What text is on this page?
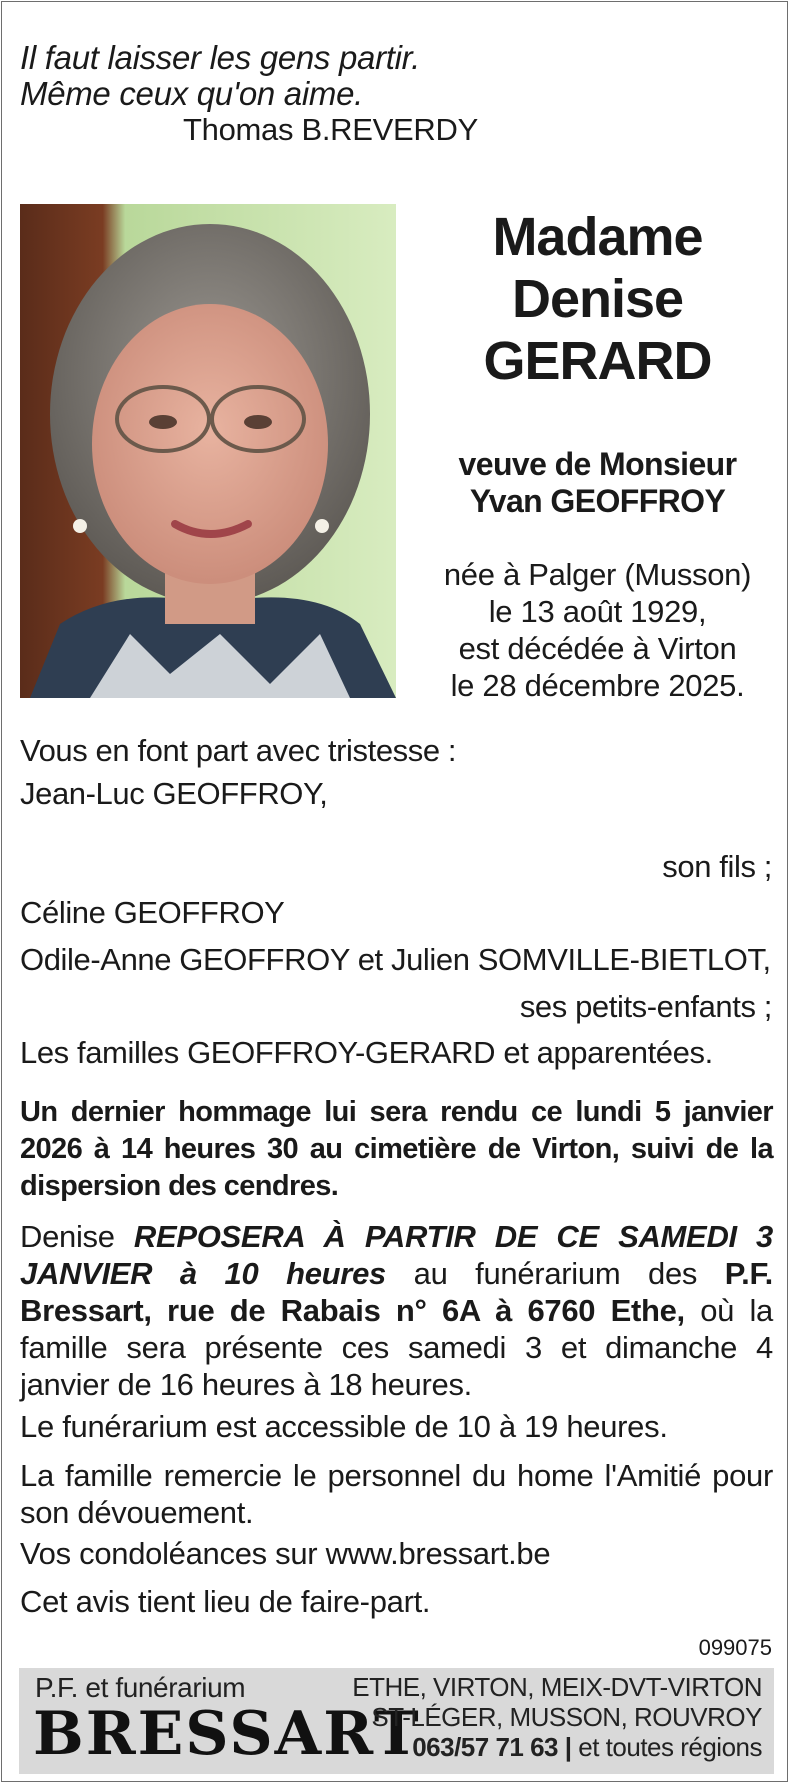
Il faut laisser les gens partir.
Même ceux qu'on aime.
Thomas B.REVERDY
Madame
Denise
GERARD
veuve de Monsieur
Yvan GEOFFROY
née à Palger (Musson)
le 13 août 1929,
est décédée à Virton
le 28 décembre 2025.
Vous en font part avec tristesse :
Jean-Luc GEOFFROY,
son fils ;
Céline GEOFFROY
Odile-Anne GEOFFROY et Julien SOMVILLE-BIETLOT,
ses petits-enfants ;
Les familles GEOFFROY-GERARD et apparentées.
Un dernier hommage lui sera rendu ce lundi 5 janvier 2026 à 14 heures 30 au cimetière de Virton, suivi de la dispersion des cendres.
Denise REPOSERA À PARTIR DE CE SAMEDI 3 JANVIER à 10 heures au funérarium des P.F. Bressart, rue de Rabais n° 6A à 6760 Ethe, où la famille sera présente ces samedi 3 et dimanche 4 janvier de 16 heures à 18 heures.
Le funérarium est accessible de 10 à 19 heures.
La famille remercie le personnel du home l'Amitié pour son dévouement.
Vos condoléances sur www.bressart.be
Cet avis tient lieu de faire-part.
099075
P.F. et funérarium
BRESSART
ETHE, VIRTON, MEIX-DVT-VIRTON
ST-LÉGER, MUSSON, ROUVROY
063/57 71 63 | et toutes régions
